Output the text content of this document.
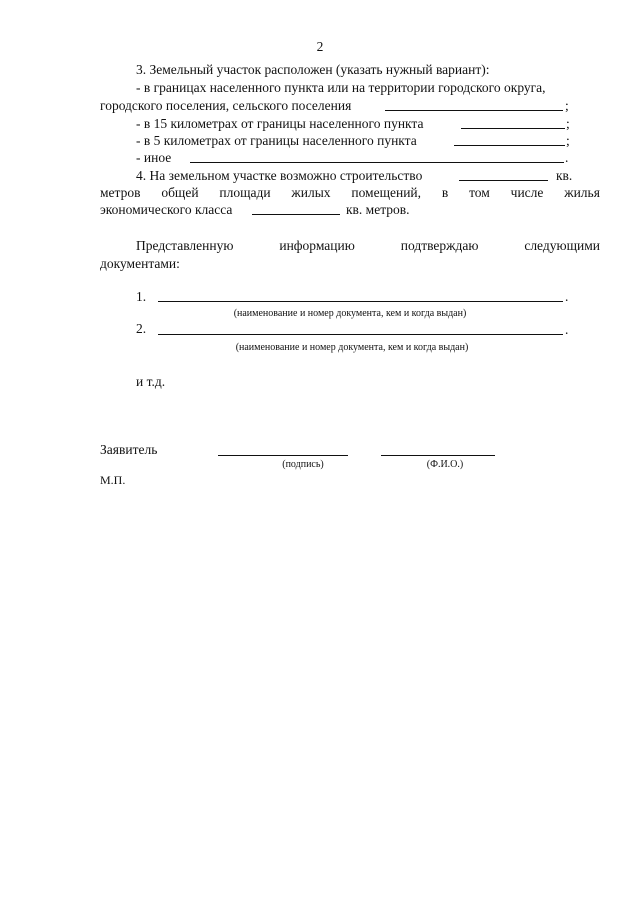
2
3. Земельный участок расположен (указать нужный вариант):
- в границах населенного пункта или на территории городского округа,
городского поселения, сельского поселения	;
- в 15 километрах от границы населенного пункта	;
- в 5 километрах от границы населенного пункта	;
- иное	.
4. На земельном участке возможно строительство	кв.
метров общей площади жилых помещений, в том числе жилья
экономического класса	кв. метров.
Представленную	информацию	подтверждаю	следующими
документами:
1.	.
(наименование и номер документа, кем и когда выдан)
2.	.
(наименование и номер документа, кем и когда выдан)
и т.д.
Заявитель
(подпись)	(Ф.И.О.)
М.П.
